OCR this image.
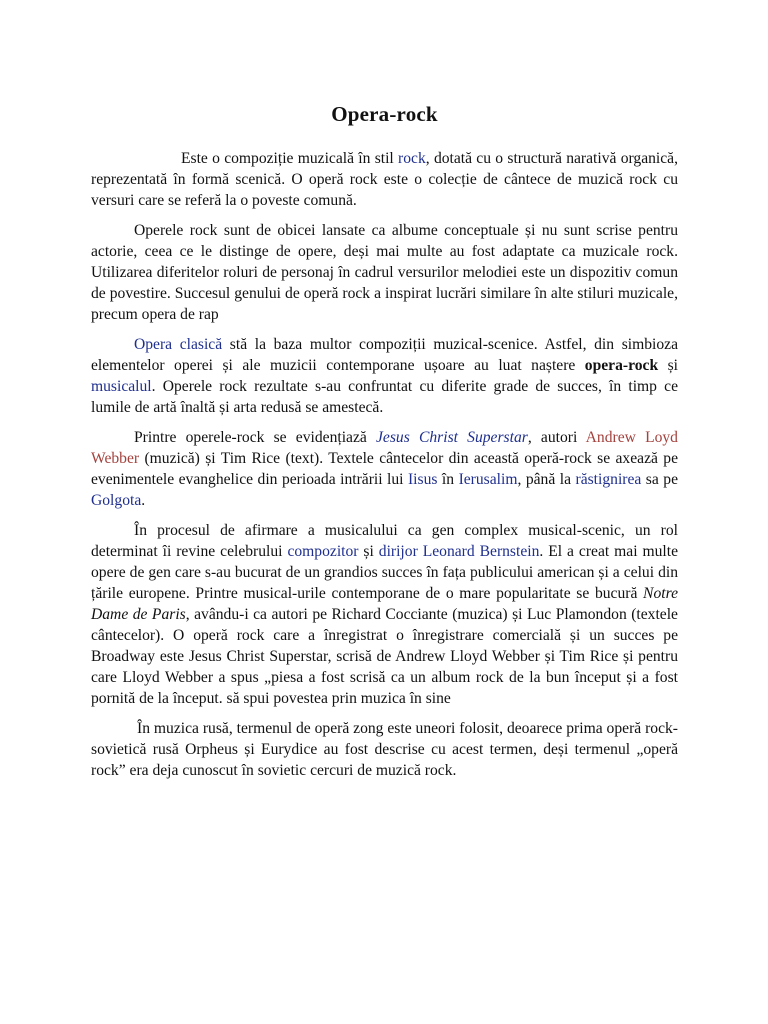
Opera-rock

Este o compoziție muzicală în stil rock, dotată cu o structură narativă organică, reprezentată în formă scenică. O operă rock este o colecție de cântece de muzică rock cu versuri care se referă la o poveste comună.

Operele rock sunt de obicei lansate ca albume conceptuale și nu sunt scrise pentru actorie, ceea ce le distinge de opere, deși mai multe au fost adaptate ca muzicale rock. Utilizarea diferitelor roluri de personaj în cadrul versurilor melodiei este un dispozitiv comun de povestire. Succesul genului de operă rock a inspirat lucrări similare în alte stiluri muzicale, precum opera de rap

Opera clasică stă la baza multor compoziții muzical-scenice. Astfel, din simbioza elementelor operei și ale muzicii contemporane ușoare au luat naștere opera-rock și musicalul. Operele rock rezultate s-au confruntat cu diferite grade de succes, în timp ce lumile de artă înaltă și arta redusă se amestecă.

Printre operele-rock se evidențiază Jesus Christ Superstar, autori Andrew Loyd Webber (muzică) și Tim Rice (text). Textele cântecelor din această operă-rock se axează pe evenimentele evanghelice din perioada intrării lui Iisus în Ierusalim, până la răstignirea sa pe Golgota.

În procesul de afirmare a musicalului ca gen complex musical-scenic, un rol determinat îi revine celebrului compozitor și dirijor Leonard Bernstein. El a creat mai multe opere de gen care s-au bucurat de un grandios succes în fața publicului american și a celui din țările europene. Printre musical-urile contemporane de o mare popularitate se bucură Notre Dame de Paris, avându-i ca autori pe Richard Cocciante (muzica) și Luc Plamondon (textele cântecelor). O operă rock care a înregistrat o înregistrare comercială și un succes pe Broadway este Jesus Christ Superstar, scrisă de Andrew Lloyd Webber și Tim Rice și pentru care Lloyd Webber a spus „piesa a fost scrisă ca un album rock de la bun început și a fost pornită de la început. să spui povestea prin muzica în sine

În muzica rusă, termenul de operă zong este uneori folosit, deoarece prima operă rock-sovietică rusă Orpheus și Eurydice au fost descrise cu acest termen, deși termenul „operă rock” era deja cunoscut în sovietic cercuri de muzică rock.
